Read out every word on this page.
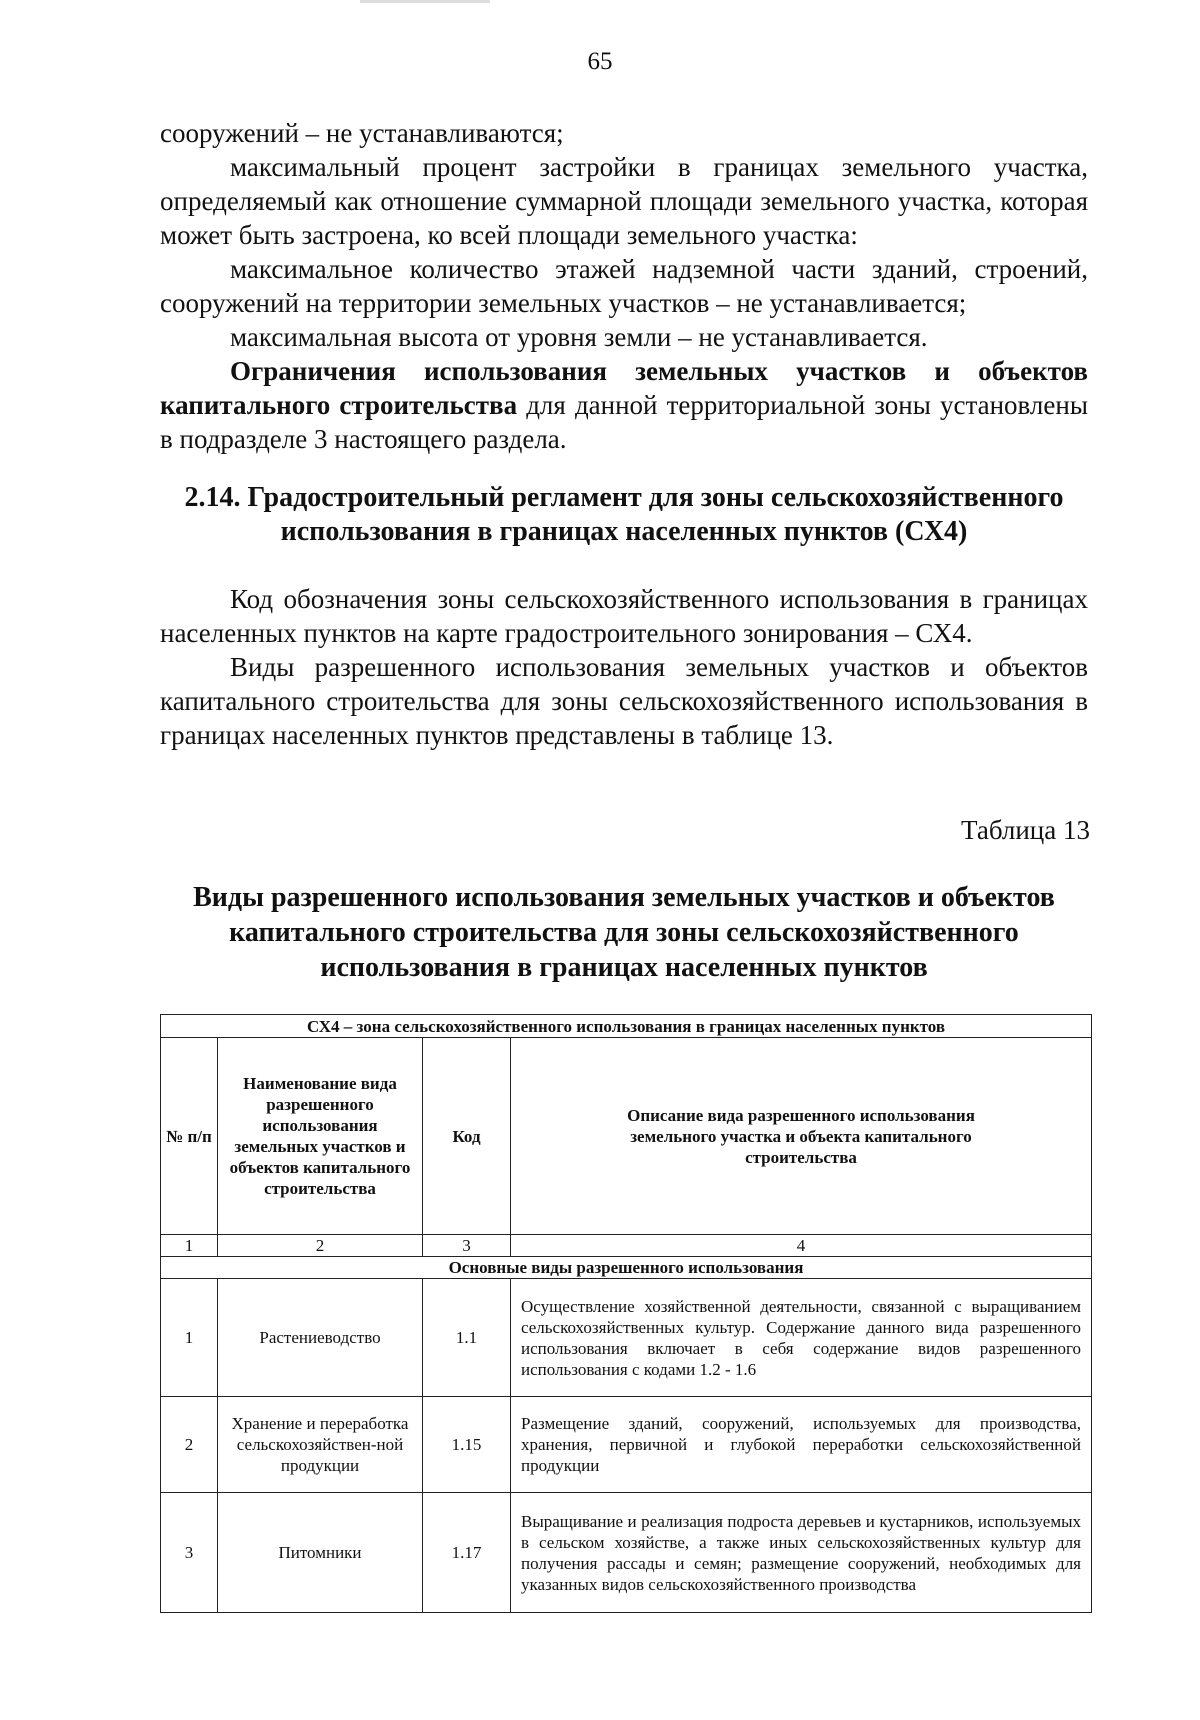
65

сооружений – не устанавливаются;

максимальный процент застройки в границах земельного участка, определяемый как отношение суммарной площади земельного участка, которая может быть застроена, ко всей площади земельного участка:

максимальное количество этажей надземной части зданий, строений, сооружений на территории земельных участков – не устанавливается;

максимальная высота от уровня земли – не устанавливается.

Ограничения использования земельных участков и объектов капитального строительства для данной территориальной зоны установлены в подразделе 3 настоящего раздела.

2.14. Градостроительный регламент для зоны сельскохозяйственного использования в границах населенных пунктов (СХ4)

Код обозначения зоны сельскохозяйственного использования в границах населенных пунктов на карте градостроительного зонирования – СХ4.

Виды разрешенного использования земельных участков и объектов капитального строительства для зоны сельскохозяйственного использования в границах населенных пунктов представлены в таблице 13.

Таблица 13
Виды разрешенного использования земельных участков и объектов капитального строительства для зоны сельскохозяйственного использования в границах населенных пунктов
СХ4 – зона сельскохозяйственного использования в границах населенных пунктов			
№ п/п	Наименование вида разрешенного использования земельных участков и объектов капитального строительства	Код	Описание вида разрешенного использования земельного участка и объекта капитального строительства
1	2	3	4
Основные виды разрешенного использования			
1	Растениеводство	1.1	Осуществление хозяйственной деятельности, связанной с выращиванием сельскохозяйственных культур. Содержание данного вида разрешенного использования включает в себя содержание видов разрешенного использования с кодами 1.2 - 1.6
2	Хранение и переработка сельскохозяйствен-ной продукции	1.15	Размещение зданий, сооружений, используемых для производства, хранения, первичной и глубокой переработки сельскохозяйственной продукции
3	Питомники	1.17	Выращивание и реализация подроста деревьев и кустарников, используемых в сельском хозяйстве, а также иных сельскохозяйственных культур для получения рассады и семян; размещение сооружений, необходимых для указанных видов сельскохозяйственного производства
